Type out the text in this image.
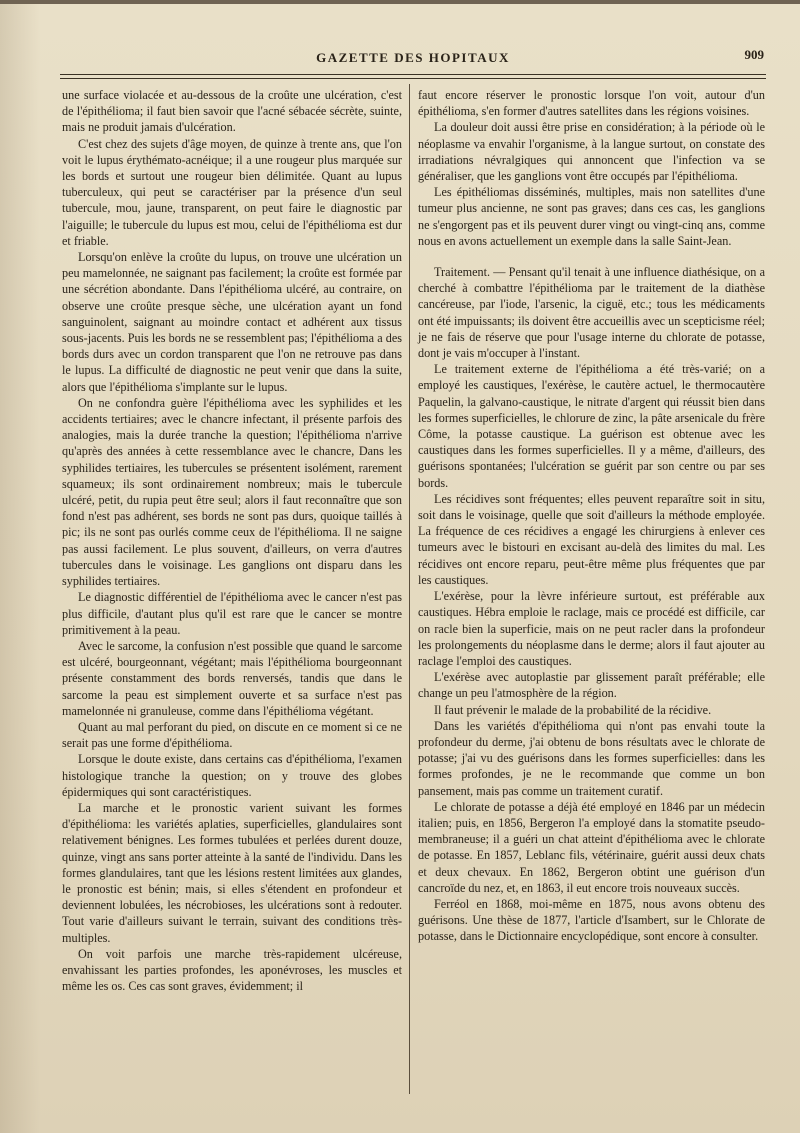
GAZETTE DES HOPITAUX	909

une surface violacée et au-dessous de la croûte une ulcération, c'est de l'épithélioma; il faut bien savoir que l'acné sébacée sécrète, suinte, mais ne produit jamais d'ulcération.

C'est chez des sujets d'âge moyen, de quinze à trente ans, que l'on voit le lupus érythémato-acnéique; il a une rougeur plus marquée sur les bords et surtout une rougeur bien délimitée. Quant au lupus tuberculeux, qui peut se caractériser par la présence d'un seul tubercule, mou, jaune, transparent, on peut faire le diagnostic par l'aiguille; le tubercule du lupus est mou, celui de l'épithélioma est dur et friable.

Lorsqu'on enlève la croûte du lupus, on trouve une ulcération un peu mamelonnée, ne saignant pas facilement; la croûte est formée par une sécrétion abondante. Dans l'épithélioma ulcéré, au contraire, on observe une croûte presque sèche, une ulcération ayant un fond sanguinolent, saignant au moindre contact et adhérent aux tissus sous-jacents. Puis les bords ne se ressemblent pas; l'épithélioma a des bords durs avec un cordon transparent que l'on ne retrouve pas dans le lupus. La difficulté de diagnostic ne peut venir que dans la suite, alors que l'épithélioma s'implante sur le lupus.

On ne confondra guère l'épithélioma avec les syphilides et les accidents tertiaires; avec le chancre infectant, il présente parfois des analogies, mais la durée tranche la question; l'épithélioma n'arrive qu'après des années à cette ressemblance avec le chancre, Dans les syphilides tertiaires, les tubercules se présentent isolément, rarement squameux; ils sont ordinairement nombreux; mais le tubercule ulcéré, petit, du rupia peut être seul; alors il faut reconnaître que son fond n'est pas adhérent, ses bords ne sont pas durs, quoique taillés à pic; ils ne sont pas ourlés comme ceux de l'épithélioma. Il ne saigne pas aussi facilement. Le plus souvent, d'ailleurs, on verra d'autres tubercules dans le voisinage. Les ganglions ont disparu dans les syphilides tertiaires.

Le diagnostic différentiel de l'épithélioma avec le cancer n'est pas plus difficile, d'autant plus qu'il est rare que le cancer se montre primitivement à la peau.

Avec le sarcome, la confusion n'est possible que quand le sarcome est ulcéré, bourgeonnant, végétant; mais l'épithélioma bourgeonnant présente constamment des bords renversés, tandis que dans le sarcome la peau est simplement ouverte et sa surface n'est pas mamelonnée ni granuleuse, comme dans l'épithélioma végétant.

Quant au mal perforant du pied, on discute en ce moment si ce ne serait pas une forme d'épithélioma.

Lorsque le doute existe, dans certains cas d'épithélioma, l'examen histologique tranche la question; on y trouve des globes épidermiques qui sont caractéristiques.

La marche et le pronostic varient suivant les formes d'épithélioma: les variétés aplaties, superficielles, glandulaires sont relativement bénignes. Les formes tubulées et perlées durent douze, quinze, vingt ans sans porter atteinte à la santé de l'individu. Dans les formes glandulaires, tant que les lésions restent limitées aux glandes, le pronostic est bénin; mais, si elles s'étendent en profondeur et deviennent lobulées, les nécrobioses, les ulcérations sont à redouter. Tout varie d'ailleurs suivant le terrain, suivant des conditions très-multiples.

On voit parfois une marche très-rapidement ulcéreuse, envahissant les parties profondes, les aponévroses, les muscles et même les os. Ces cas sont graves, évidemment; il

faut encore réserver le pronostic lorsque l'on voit, autour d'un épithélioma, s'en former d'autres satellites dans les régions voisines.

La douleur doit aussi être prise en considération; à la période où le néoplasme va envahir l'organisme, à la langue surtout, on constate des irradiations névralgiques qui annoncent que l'infection va se généraliser, que les ganglions vont être occupés par l'épithélioma.

Les épithéliomas disséminés, multiples, mais non satellites d'une tumeur plus ancienne, ne sont pas graves; dans ces cas, les ganglions ne s'engorgent pas et ils peuvent durer vingt ou vingt-cinq ans, comme nous en avons actuellement un exemple dans la salle Saint-Jean.

Traitement. — Pensant qu'il tenait à une influence diathésique, on a cherché à combattre l'épithélioma par le traitement de la diathèse cancéreuse, par l'iode, l'arsenic, la ciguë, etc.; tous les médicaments ont été impuissants; ils doivent être accueillis avec un scepticisme réel; je ne fais de réserve que pour l'usage interne du chlorate de potasse, dont je vais m'occuper à l'instant.

Le traitement externe de l'épithélioma a été très-varié; on a employé les caustiques, l'exérèse, le cautère actuel, le thermocautère Paquelin, la galvano-caustique, le nitrate d'argent qui réussit bien dans les formes superficielles, le chlorure de zinc, la pâte arsenicale du frère Côme, la potasse caustique. La guérison est obtenue avec les caustiques dans les formes superficielles. Il y a même, d'ailleurs, des guérisons spontanées; l'ulcération se guérit par son centre ou par ses bords.

Les récidives sont fréquentes; elles peuvent reparaître soit in situ, soit dans le voisinage, quelle que soit d'ailleurs la méthode employée. La fréquence de ces récidives a engagé les chirurgiens à enlever ces tumeurs avec le bistouri en excisant au-delà des limites du mal. Les récidives ont encore reparu, peut-être même plus fréquentes que par les caustiques.

L'exérèse, pour la lèvre inférieure surtout, est préférable aux caustiques. Hébra emploie le raclage, mais ce procédé est difficile, car on racle bien la superficie, mais on ne peut racler dans la profondeur les prolongements du néoplasme dans le derme; alors il faut ajouter au raclage l'emploi des caustiques.

L'exérèse avec autoplastie par glissement paraît préférable; elle change un peu l'atmosphère de la région.

Il faut prévenir le malade de la probabilité de la récidive.

Dans les variétés d'épithélioma qui n'ont pas envahi toute la profondeur du derme, j'ai obtenu de bons résultats avec le chlorate de potasse; j'ai vu des guérisons dans les formes superficielles: dans les formes profondes, je ne le recommande que comme un bon pansement, mais pas comme un traitement curatif.

Le chlorate de potasse a déjà été employé en 1846 par un médecin italien; puis, en 1856, Bergeron l'a employé dans la stomatite pseudo-membraneuse; il a guéri un chat atteint d'épithélioma avec le chlorate de potasse. En 1857, Leblanc fils, vétérinaire, guérit aussi deux chats et deux chevaux. En 1862, Bergeron obtint une guérison d'un cancroïde du nez, et, en 1863, il eut encore trois nouveaux succès.

Ferréol en 1868, moi-même en 1875, nous avons obtenu des guérisons. Une thèse de 1877, l'article d'Isambert, sur le Chlorate de potasse, dans le Dictionnaire encyclopédique, sont encore à consulter.
